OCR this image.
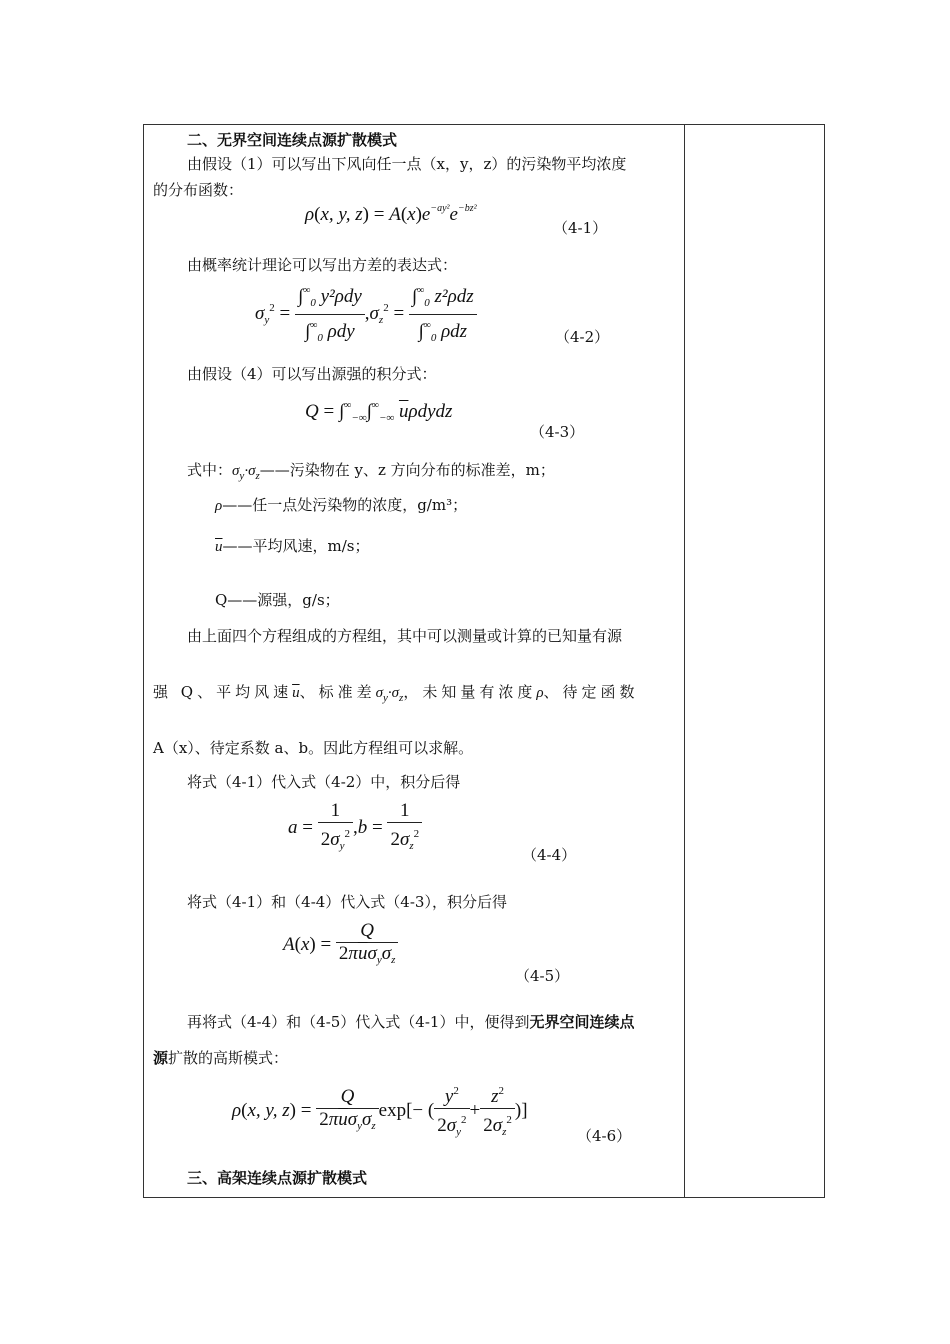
二、无界空间连续点源扩散模式
由假设（1）可以写出下风向任一点（x，y，z）的污染物平均浓度
的分布函数：
ρ(x, y, $z) = A(x)e^{-ay^2}e^{-bz^2}$
（4-1）
由概率统计理论可以写出方差的表达式：
$\sigma_y^2 = \frac{\int^\infty_0 y^2\rho dy}{\int^\infty_0 \rho dy} ,\sigma_z^2 = \frac{\int^\infty_0 z^2\rho dz}{\int^\infty_0 \rho dz}$	（4-2）
由假设（4）可以写出源强的积分式：
$Q = \int^\infty_{-\infty}\int^\infty_{-\infty}$ $\overline{u}\rho dydz$
（4-3）
式中：$\sigma_y\cdot\sigma_z——$污染物在 y、z 方向分布的标准差，m；
ρ——任一点处污染物的浓度，g/m³；
$\overline{u}——$平均风速，m/s；
Q——源强，g/s；
由上面四个方程组成的方程组，其中可以测量或计算的已知量有源
强 Q、平均风速$\overline{u}$、标准差$\sigma_y\cdot\sigma_z$，未知量有浓度ρ、待定函数
A（x）、待定系数 a、b。因此方程组可以求解。
将式（4-1）代入式（4-2）中，积分后得
$a = \frac{1}{2\sigma_y^2} ,b = \frac{1}{2\sigma_z^2}$	（4-4）
将式（4-1）和（4-4）代入式（4-3），积分后得
$A(x) = \frac{Q}{2\pi\overline{u}\sigma_y\sigma_z}$
（4-5）
再将式（4-4）和（4-5）代入式（4-1）中，便得到无界空间连续点
源扩散的高斯模式：
ρ(x, y, $z) = \frac{Q}{2\pi\overline{u}\sigma_y\sigma_z} \exp[-$ ( $\frac{y^2}{2\sigma_y^2} + \frac{z^2}{2\sigma_z^2}$ )]
（4-6）
三、高架连续点源扩散模式
